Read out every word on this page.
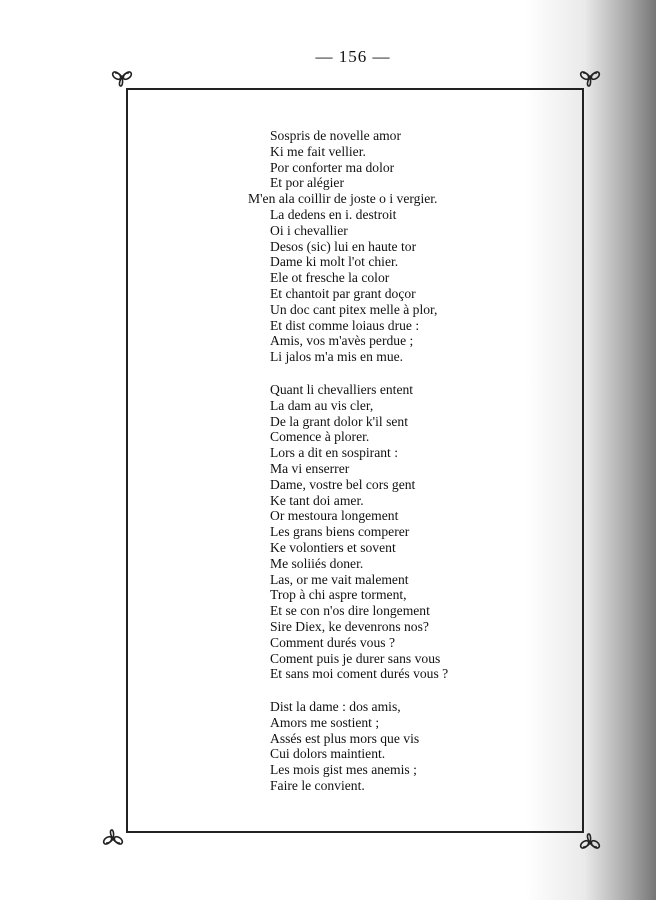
— 156 —
Sospris de novelle amor
Ki me fait vellier.
Por conforter ma dolor
Et por alégier
M'en ala coillir de joste o i vergier.
La dedens en i. destroit
Oi i chevallier
Desos (sic) lui en haute tor
Dame ki molt l'ot chier.
Ele ot fresche la color
Et chantoit par grant doçor
Un doc cant pitex melle à plor,
Et dist comme loiaus drue :
Amis, vos m'avès perdue ;
Li jalos m'a mis en mue.
Quant li chevalliers entent
La dam au vis cler,
De la grant dolor k'il sent
Comence à plorer.
Lors a dit en sospirant :
Ma vi enserrer
Dame, vostre bel cors gent
Ke tant doi amer.
Or mestoura longement
Les grans biens comperer
Ke volontiers et sovent
Me soliiés doner.
Las, or me vait malement
Trop à chi aspre torment,
Et se con n'os dire longement
Sire Diex, ke devenrons nos?
Comment durés vous ?
Coment puis je durer sans vous
Et sans moi coment durés vous ?
Dist la dame : dos amis,
Amors me sostient ;
Assés est plus mors que vis
Cui dolors maintient.
Les mois gist mes anemis ;
Faire le convient.
